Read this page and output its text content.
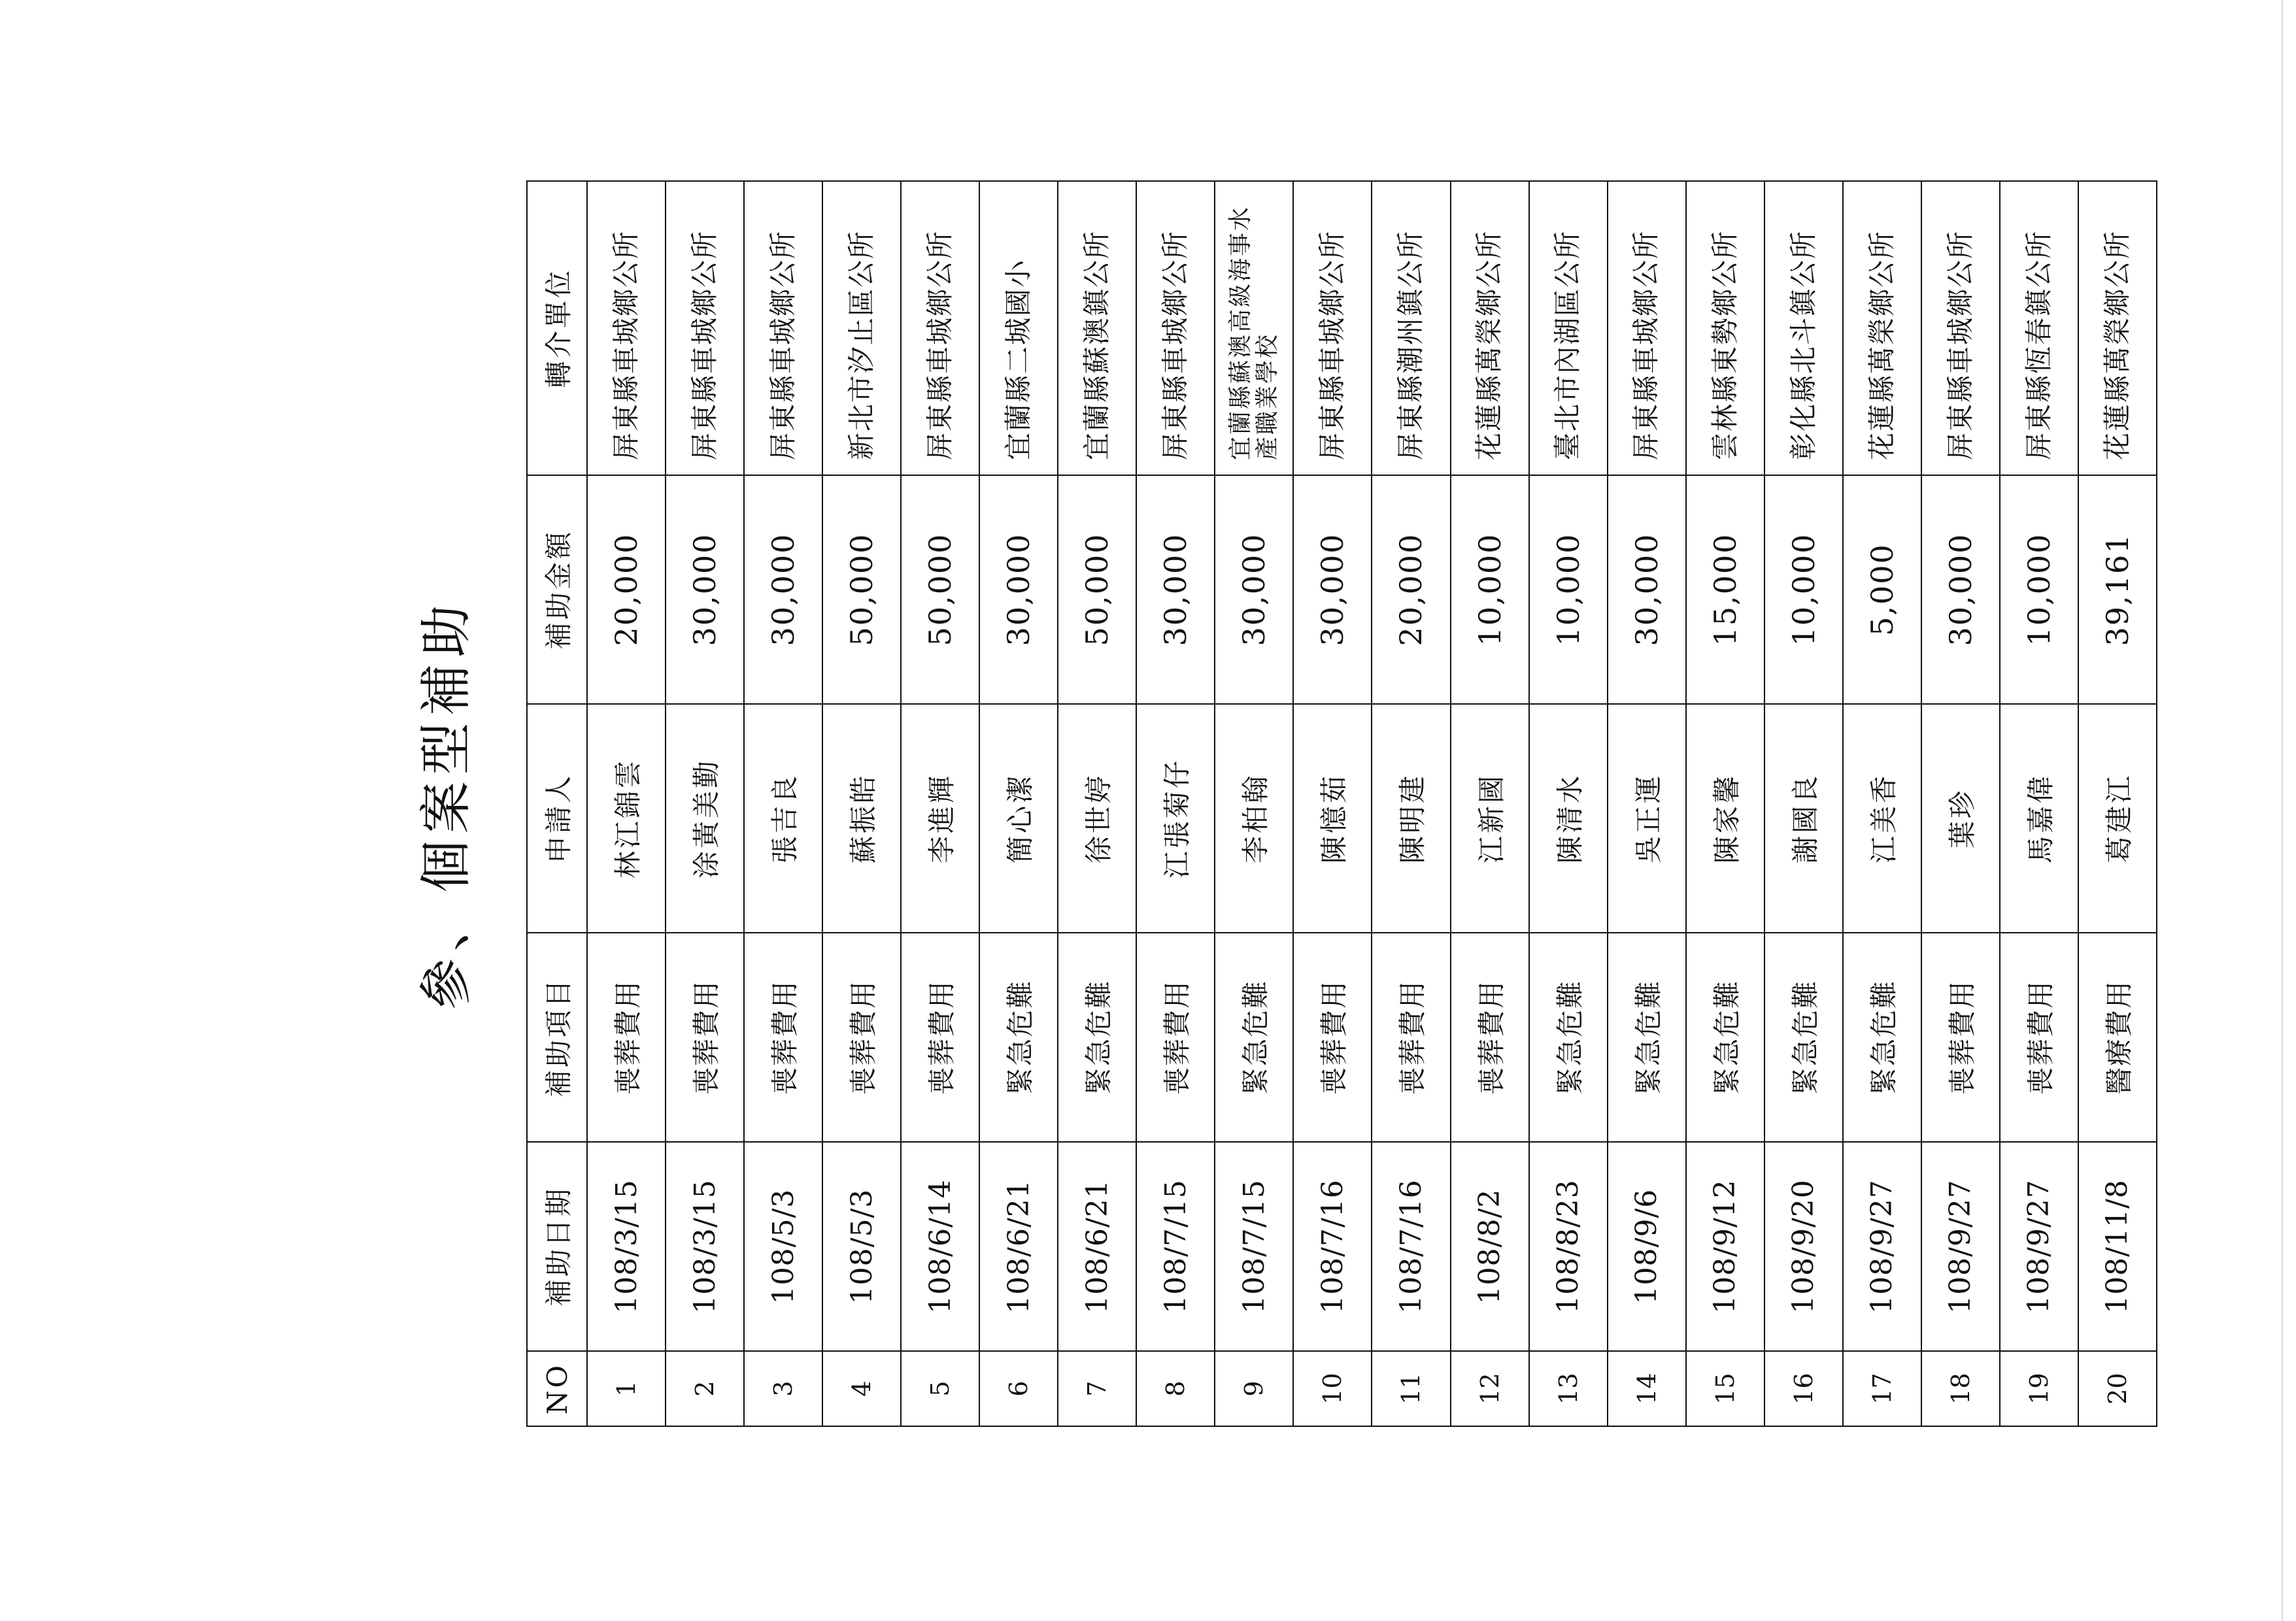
參、個案型補助
NO	補助日期	補助項目	申請人	補助金額	轉介單位
1	108/3/15	喪葬費用	林江錦雲	20,000	屏東縣車城鄉公所
2	108/3/15	喪葬費用	涂黃美勤	30,000	屏東縣車城鄉公所
3	108/5/3	喪葬費用	張吉良	30,000	屏東縣車城鄉公所
4	108/5/3	喪葬費用	蘇振皓	50,000	新北市汐止區公所
5	108/6/14	喪葬費用	李進輝	50,000	屏東縣車城鄉公所
6	108/6/21	緊急危難	簡心潔	30,000	宜蘭縣二城國小
7	108/6/21	緊急危難	徐世婷	50,000	宜蘭縣蘇澳鎮公所
8	108/7/15	喪葬費用	江張菊仔	30,000	屏東縣車城鄉公所
9	108/7/15	緊急危難	李柏翰	30,000	宜蘭縣蘇澳高級海事水產職業學校
10	108/7/16	喪葬費用	陳憶茹	30,000	屏東縣車城鄉公所
11	108/7/16	喪葬費用	陳明建	20,000	屏東縣潮州鎮公所
12	108/8/2	喪葬費用	江新國	10,000	花蓮縣萬榮鄉公所
13	108/8/23	緊急危難	陳清水	10,000	臺北市內湖區公所
14	108/9/6	緊急危難	吳正運	30,000	屏東縣車城鄉公所
15	108/9/12	緊急危難	陳家馨	15,000	雲林縣東勢鄉公所
16	108/9/20	緊急危難	謝國良	10,000	彰化縣北斗鎮公所
17	108/9/27	緊急危難	江美香	5,000	花蓮縣萬榮鄉公所
18	108/9/27	喪葬費用	葉珍	30,000	屏東縣車城鄉公所
19	108/9/27	喪葬費用	馬嘉偉	10,000	屏東縣恆春鎮公所
20	108/11/8	醫療費用	葛建江	39,161	花蓮縣萬榮鄉公所
